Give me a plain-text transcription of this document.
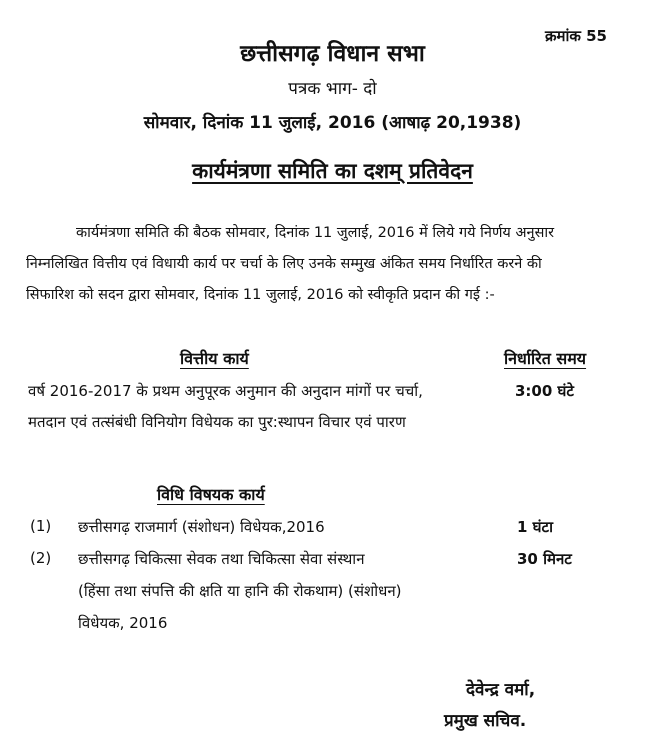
क्रमांक 55
छत्तीसगढ़ विधान सभा
पत्रक भाग- दो
सोमवार, दिनांक 11 जुलाई, 2016 (आषाढ़ 20,1938)
कार्यमंत्रणा समिति का दशम् प्रतिवेदन
कार्यमंत्रणा समिति की बैठक सोमवार, दिनांक 11 जुलाई, 2016 में लिये गये निर्णय अनुसार
निम्नलिखित वित्तीय एवं विधायी कार्य पर चर्चा के लिए उनके सम्मुख अंकित समय निर्धारित करने की
सिफारिश को सदन द्वारा सोमवार, दिनांक 11 जुलाई, 2016 को स्वीकृति प्रदान की गई :-
वित्तीय कार्य	निर्धारित समय
वर्ष 2016-2017 के प्रथम अनुपूरक अनुमान की अनुदान मांगों पर चर्चा,	3:00 घंटे
मतदान एवं तत्संबंधी विनियोग विधेयक का पुर:स्थापन विचार एवं पारण
विधि विषयक कार्य
(1) छत्तीसगढ़ राजमार्ग (संशोधन) विधेयक,2016	1 घंटा
(2) छत्तीसगढ़ चिकित्सा सेवक तथा चिकित्सा सेवा संस्थान	30 मिनट
(हिंसा तथा संपत्ति की क्षति या हानि की रोकथाम) (संशोधन)
विधेयक, 2016
देवेन्द्र वर्मा,
प्रमुख सचिव.
